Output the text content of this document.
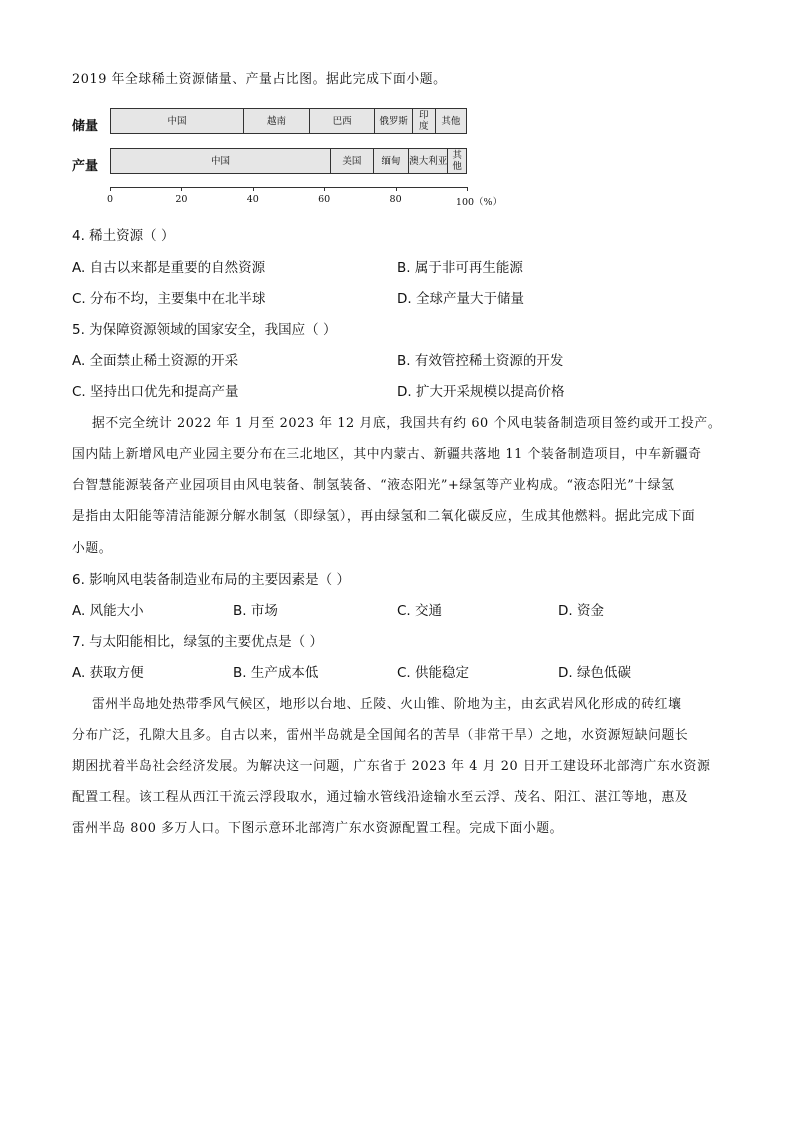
2019 年全球稀土资源储量、产量占比图。据此完成下面小题。
储量	中国	越南	巴西	俄罗斯 印
度 其他
产量	中国	美国 缅甸 澳大利亚 其
他
0	20	40	60	80	100（%）
4. 稀土资源（ ）
A. 自古以来都是重要的自然资源	B. 属于非可再生能源
C. 分布不均，主要集中在北半球	D. 全球产量大于储量
5. 为保障资源领域的国家安全，我国应（ ）
A. 全面禁止稀土资源的开采	B. 有效管控稀土资源的开发
C. 坚持出口优先和提高产量	D. 扩大开采规模以提高价格
据不完全统计 2022 年 1 月至 2023 年 12 月底，我国共有约 60 个风电装备制造项目签约或开工投产。
国内陆上新增风电产业园主要分布在三北地区，其中内蒙古、新疆共落地 11 个装备制造项目，中车新疆奇
台智慧能源装备产业园项目由风电装备、制氢装备、“液态阳光”+绿氢等产业构成。“液态阳光”十绿氢
是指由太阳能等清洁能源分解水制氢（即绿氢），再由绿氢和二氧化碳反应，生成其他燃料。据此完成下面
小题。
6. 影响风电装备制造业布局的主要因素是（ ）
A. 风能大小	B. 市场	C. 交通	D. 资金
7. 与太阳能相比，绿氢的主要优点是（ ）
A. 获取方便	B. 生产成本低	C. 供能稳定	D. 绿色低碳
雷州半岛地处热带季风气候区，地形以台地、丘陵、火山锥、阶地为主，由玄武岩风化形成的砖红壤
分布广泛，孔隙大且多。自古以来，雷州半岛就是全国闻名的苦旱（非常干旱）之地，水资源短缺问题长
期困扰着半岛社会经济发展。为解决这一问题，广东省于 2023 年 4 月 20 日开工建设环北部湾广东水资源
配置工程。该工程从西江干流云浮段取水，通过输水管线沿途输水至云浮、茂名、阳江、湛江等地，惠及
雷州半岛 800 多万人口。下图示意环北部湾广东水资源配置工程。完成下面小题。
